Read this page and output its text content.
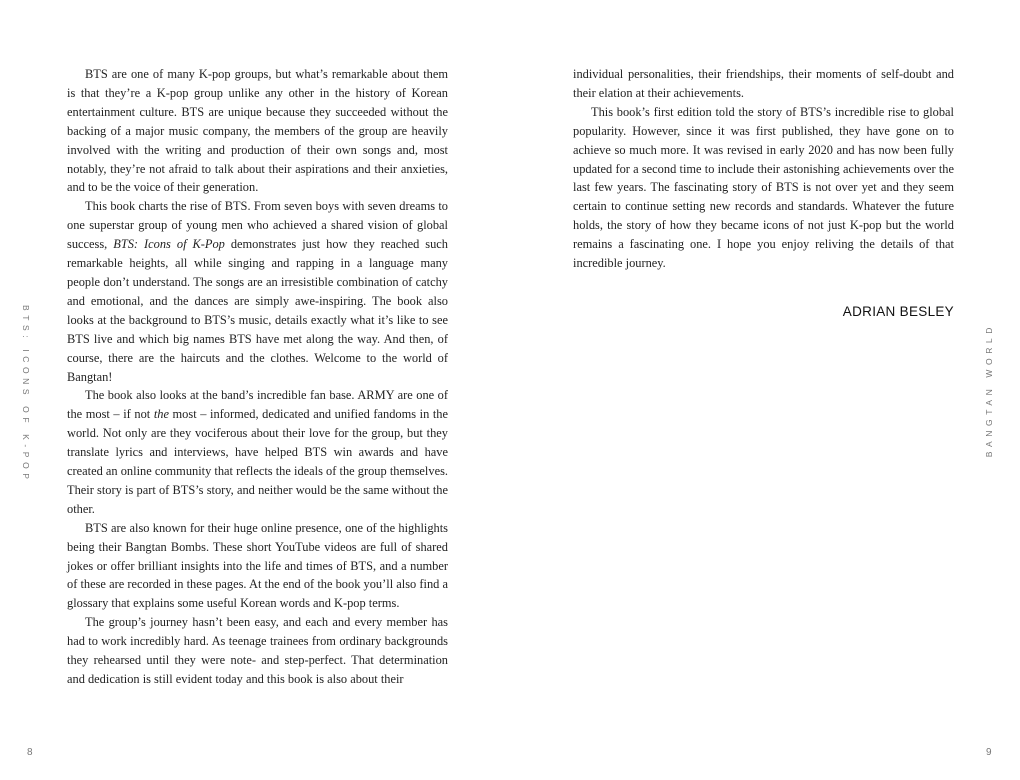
BTS: ICONS OF K-POP

BTS are one of many K-pop groups, but what’s remarkable about them is that they’re a K-pop group unlike any other in the history of Korean entertainment culture. BTS are unique because they succeeded without the backing of a major music company, the members of the group are heavily involved with the writing and production of their own songs and, most notably, they’re not afraid to talk about their aspirations and their anxieties, and to be the voice of their generation.

This book charts the rise of BTS. From seven boys with seven dreams to one superstar group of young men who achieved a shared vision of global success, BTS: Icons of K-Pop demonstrates just how they reached such remarkable heights, all while singing and rapping in a language many people don’t understand. The songs are an irresistible combination of catchy and emotional, and the dances are simply awe-inspiring. The book also looks at the background to BTS’s music, details exactly what it’s like to see BTS live and which big names BTS have met along the way. And then, of course, there are the haircuts and the clothes. Welcome to the world of Bangtan!

The book also looks at the band’s incredible fan base. ARMY are one of the most – if not the most – informed, dedicated and unified fandoms in the world. Not only are they vociferous about their love for the group, but they translate lyrics and interviews, have helped BTS win awards and have created an online community that reflects the ideals of the group themselves. Their story is part of BTS’s story, and neither would be the same without the other.

BTS are also known for their huge online presence, one of the highlights being their Bangtan Bombs. These short YouTube videos are full of shared jokes or offer brilliant insights into the life and times of BTS, and a number of these are recorded in these pages. At the end of the book you’ll also find a glossary that explains some useful Korean words and K-pop terms.

The group’s journey hasn’t been easy, and each and every member has had to work incredibly hard. As teenage trainees from ordinary backgrounds they rehearsed until they were note- and step-perfect. That determination and dedication is still evident today and this book is also about their

8

individual personalities, their friendships, their moments of self-doubt and their elation at their achievements.

This book’s first edition told the story of BTS’s incredible rise to global popularity. However, since it was first published, they have gone on to achieve so much more. It was revised in early 2020 and has now been fully updated for a second time to include their astonishing achievements over the last few years. The fascinating story of BTS is not over yet and they seem certain to continue setting new records and standards. Whatever the future holds, the story of how they became icons of not just K-pop but the world remains a fascinating one. I hope you enjoy reliving the details of that incredible journey.

ADRIAN BESLEY
BANGTAN WORLD
9
